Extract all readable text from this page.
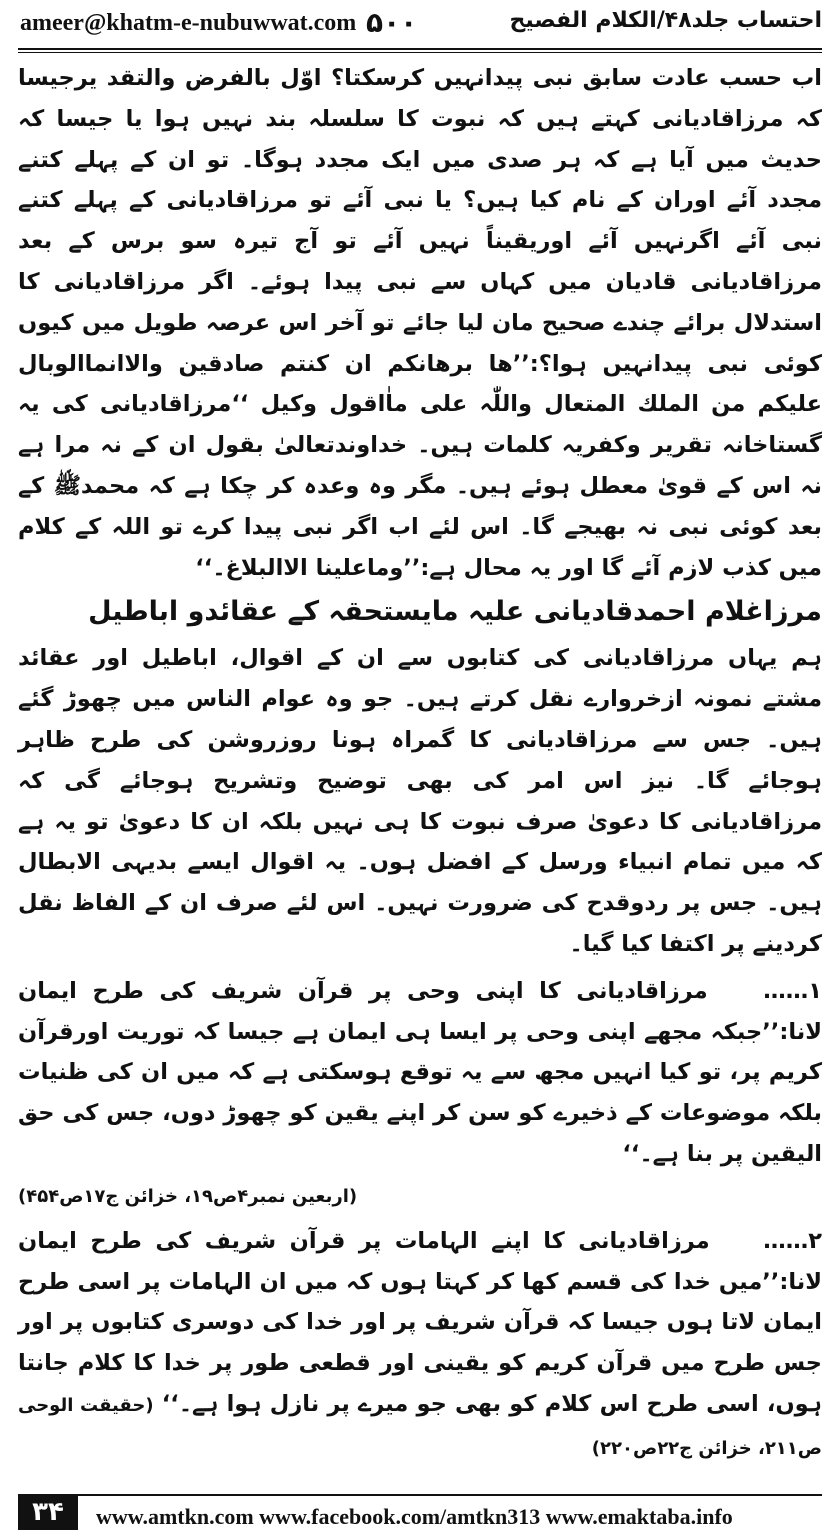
ameer@khatm-e-nubuwwat.com ۵۰۰	احتساب جلد۴۸/الکلام الفصیح

اب حسب عادت سابق نبی پیدانہیں کرسکتا؟ اوّل بالفرض والتقد یرجیسا کہ مرزاقادیانی کہتے ہیں کہ نبوت کا سلسلہ بند نہیں ہوا یا جیسا کہ حدیث میں آیا ہے کہ ہر صدی میں ایک مجدد ہوگا۔ تو ان کے پہلے کتنے مجدد آئے اوران کے نام کیا ہیں؟ یا نبی آئے تو مرزاقادیانی کے پہلے کتنے نبی آئے اگرنہیں آئے اوریقیناً نہیں آئے تو آج تیرہ سو برس کے بعد مرزاقادیانی قادیان میں کہاں سے نبی پیدا ہوئے۔ اگر مرزاقادیانی کا استدلال برائے چندے صحیح مان لیا جائے تو آخر اس عرصہ طویل میں کیوں کوئی نبی پیدانہیں ہوا؟:’’ھا برھانکم ان کنتم صادقین والاانماالوبال علیکم من الملك المتعال واللّٰہ علی ماٰاقول وکیل ‘‘مرزاقادیانی کی یہ گستاخانہ تقریر وکفریہ کلمات ہیں۔ خداوندتعالیٰ بقول ان کے نہ مرا ہے نہ اس کے قویٰ معطل ہوئے ہیں۔ مگر وہ وعدہ کر چکا ہے کہ محمدﷺ کے بعد کوئی نبی نہ بھیجے گا۔ اس لئے اب اگر نبی پیدا کرے تو اللہ کے کلام میں کذب لازم آئے گا اور یہ محال ہے:’’وماعلینا الاالبلاغ۔‘‘

مرزاغلام احمدقادیانی علیہ مایستحقہ کے عقائدو اباطیل

ہم یہاں مرزاقادیانی کی کتابوں سے ان کے اقوال، اباطیل اور عقائد مشتے نمونہ ازخروارے نقل کرتے ہیں۔ جو وہ عوام الناس میں چھوڑ گئے ہیں۔ جس سے مرزاقادیانی کا گمراہ ہونا روزروشن کی طرح ظاہر ہوجائے گا۔ نیز اس امر کی بھی توضیح وتشریح ہوجائے گی کہ مرزاقادیانی کا دعویٰ صرف نبوت کا ہی نہیں بلکہ ان کا دعویٰ تو یہ ہے کہ میں تمام انبیاء ورسل کے افضل ہوں۔ یہ اقوال ایسے بدیہی الابطال ہیں۔ جس پر ردوقدح کی ضرورت نہیں۔ اس لئے صرف ان کے الفاظ نقل کردینے پر اکتفا کیا گیا۔

۱…… مرزاقادیانی کا اپنی وحی پر قرآن شریف کی طرح ایمان لانا:’’جبکہ مجھے اپنی وحی پر ایسا ہی ایمان ہے جیسا کہ توریت اورقرآن کریم پر، تو کیا انہیں مجھ سے یہ توقع ہوسکتی ہے کہ میں ان کی ظنیات بلکہ موضوعات کے ذخیرے کو سن کر اپنے یقین کو چھوڑ دوں، جس کی حق الیقین پر بنا ہے۔‘‘

(اربعین نمبر۴ص۱۹، خزائن ج۱۷ص۴۵۴)

۲…… مرزاقادیانی کا اپنے الہامات پر قرآن شریف کی طرح ایمان لانا:’’میں خدا کی قسم کھا کر کہتا ہوں کہ میں ان الہامات پر اسی طرح ایمان لاتا ہوں جیسا کہ قرآن شریف پر اور خدا کی دوسری کتابوں پر اور جس طرح میں قرآن کریم کو یقینی اور قطعی طور پر خدا کا کلام جانتا ہوں، اسی طرح اس کلام کو بھی جو میرے پر نازل ہوا ہے۔‘‘ (حقیقت الوحی ص۲۱۱، خزائن ج۲۲ص۲۲۰)

۳۴	www.amtkn.com www.facebook.com/amtkn313 www.emaktaba.info
